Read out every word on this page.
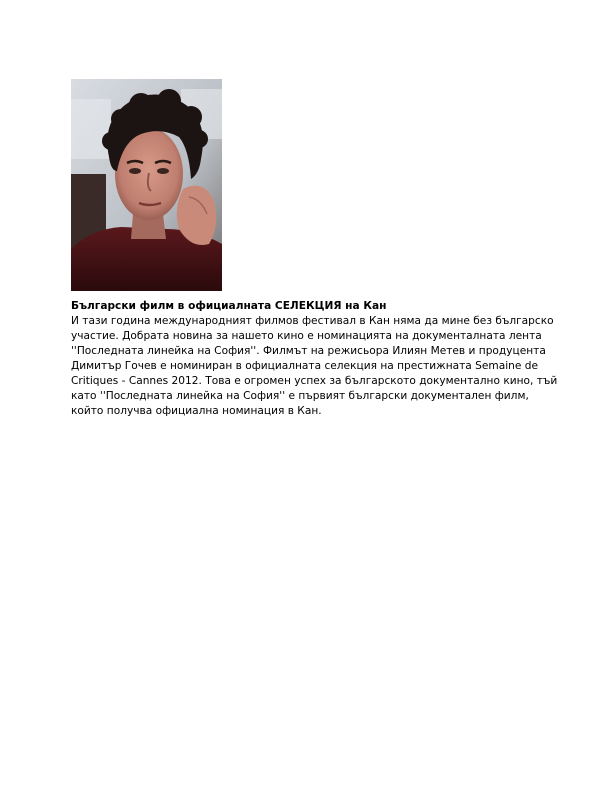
Български филм в официалната СЕЛЕКЦИЯ на Кан

И тази година международният филмов фестивал в Кан няма да мине без българско

участие. Добрата новина за нашето кино е номинацията на документалната лента

''Последната линейка на София''. Филмът на режисьора Илиян Метев и продуцента

Димитър Гочев е номиниран в официалната селекция на престижната Semaine de

Critiques - Cannes 2012. Това е огромен успех за българското документално кино, тъй

като ''Последната линейка на София'' е първият български документален филм,

който получва официална номинация в Кан.
